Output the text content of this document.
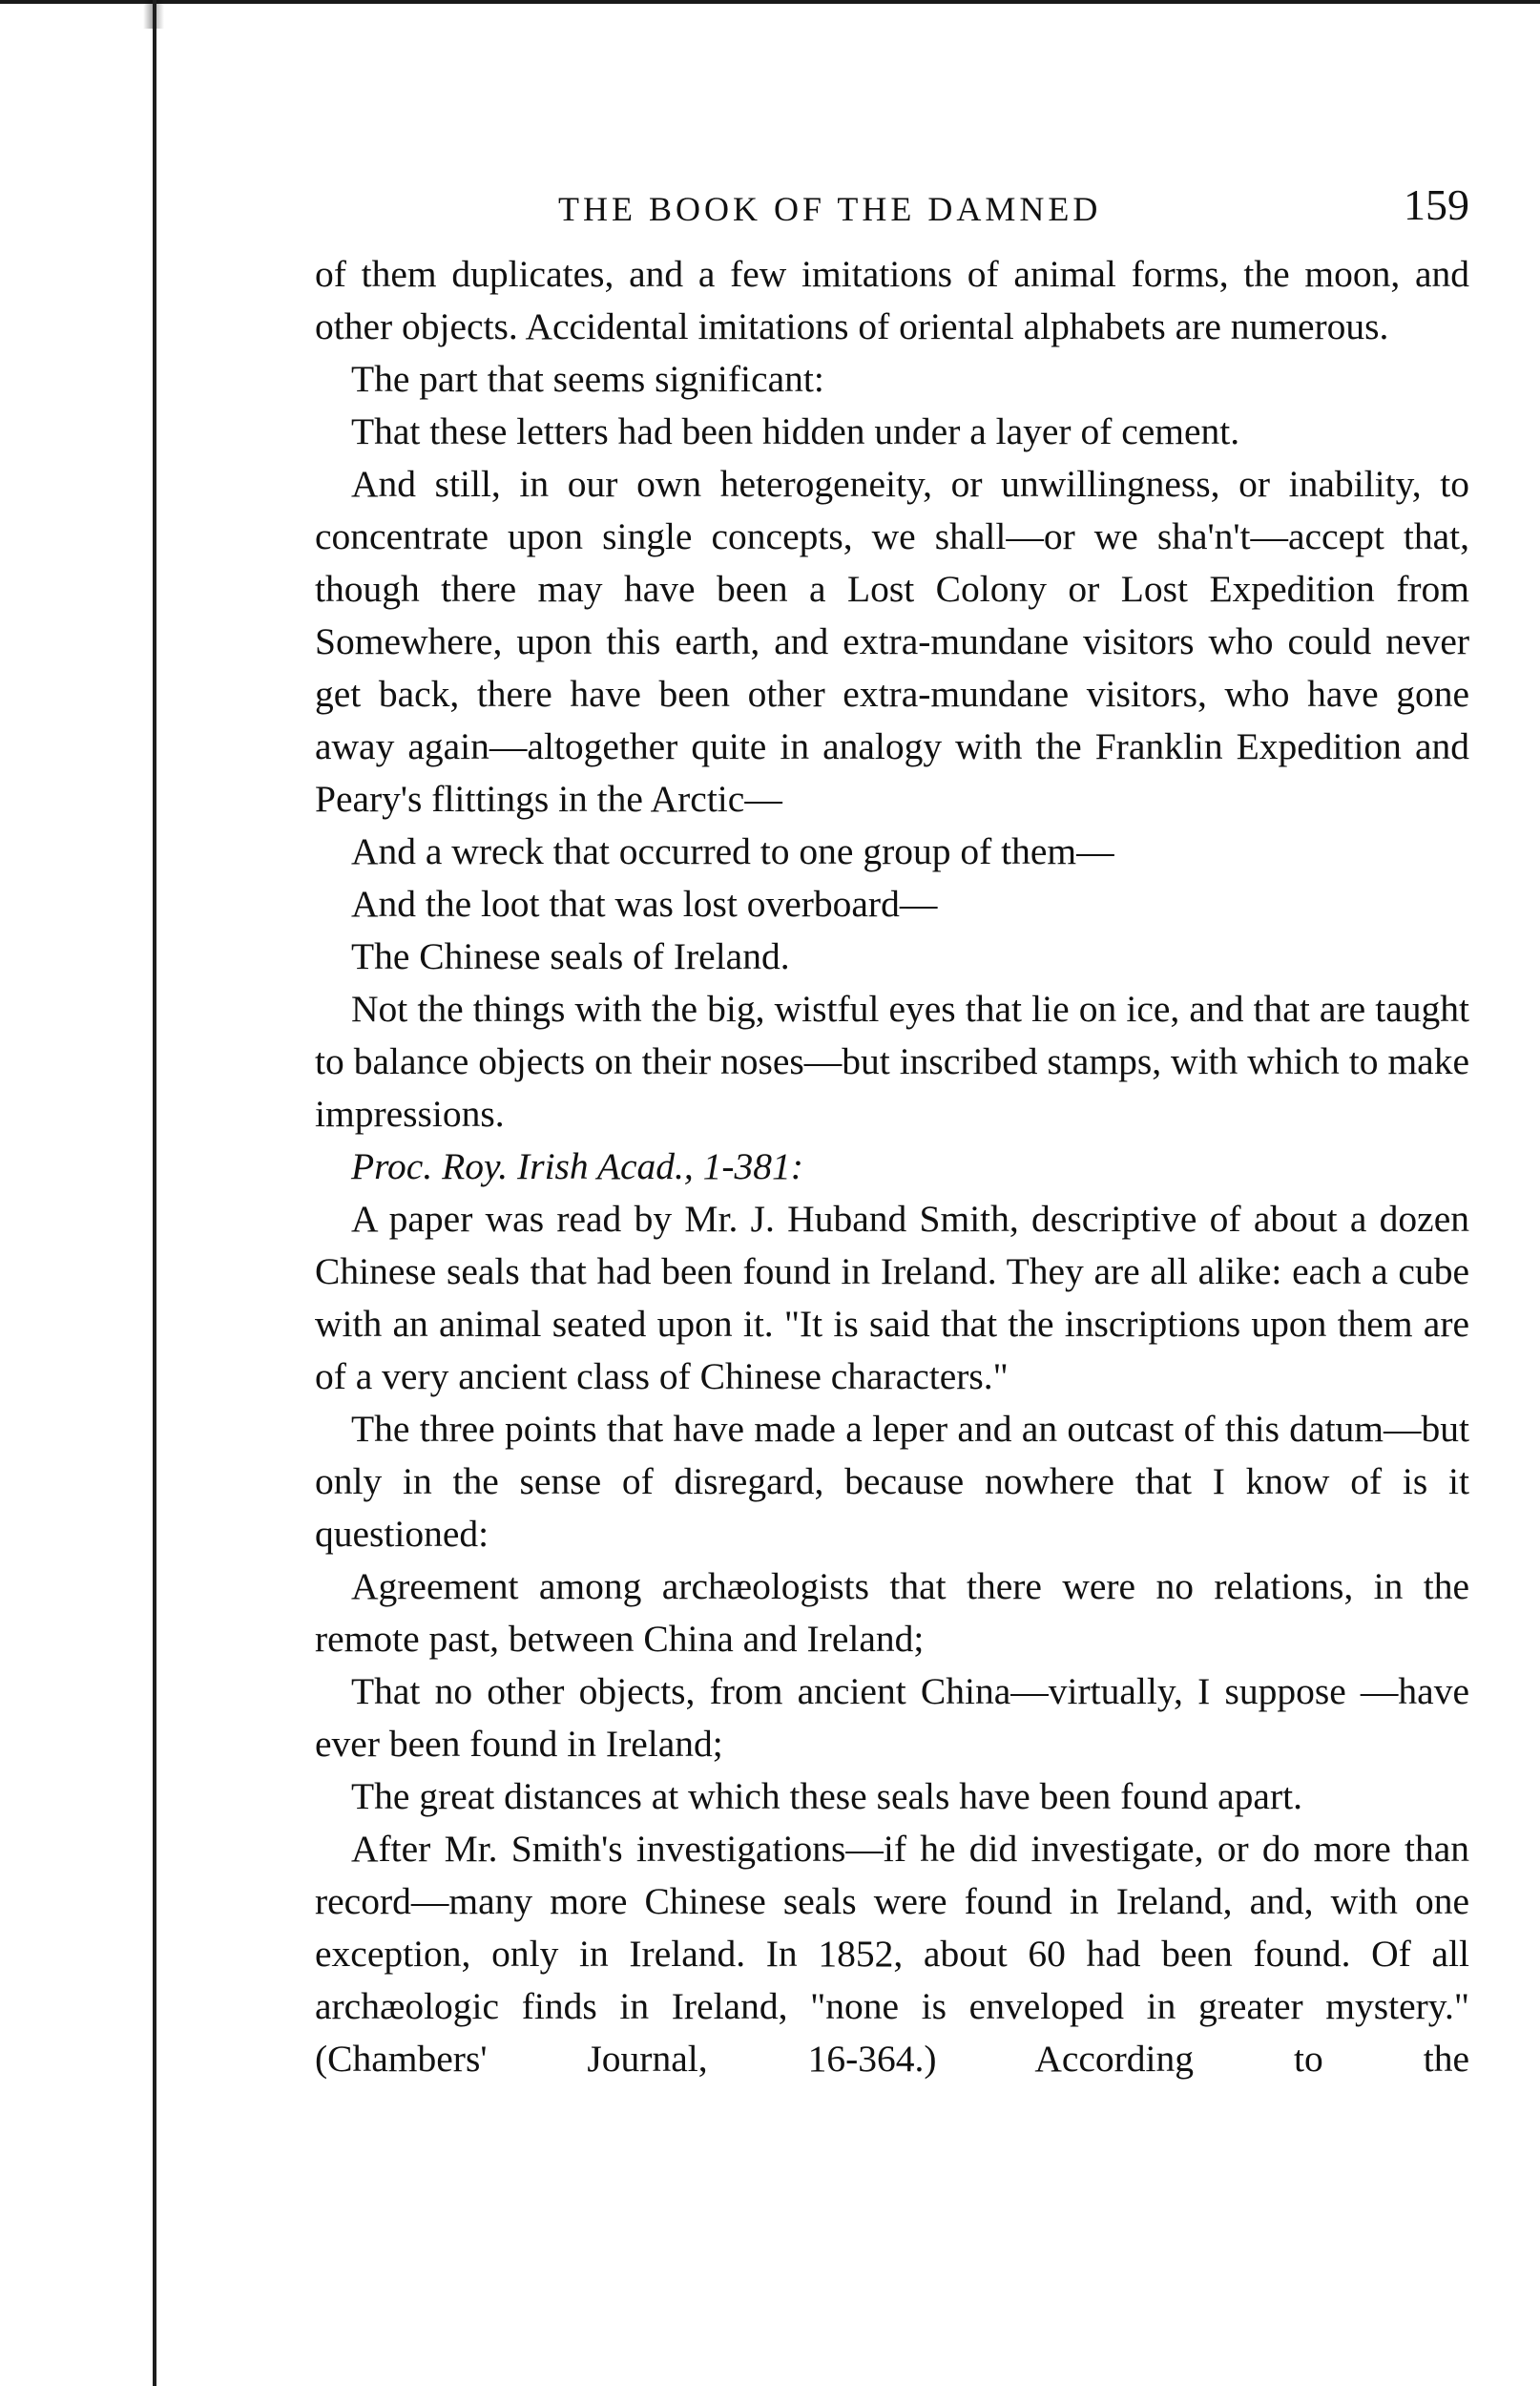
THE BOOK OF THE DAMNED	159

of them duplicates, and a few imitations of animal forms, the moon, and other objects. Accidental imitations of oriental alphabets are numerous.

The part that seems significant:

That these letters had been hidden under a layer of cement.

And still, in our own heterogeneity, or unwillingness, or inability, to concentrate upon single concepts, we shall—or we sha'n't—accept that, though there may have been a Lost Colony or Lost Expedition from Somewhere, upon this earth, and extra-mundane visitors who could never get back, there have been other extra-mundane visitors, who have gone away again—altogether quite in analogy with the Franklin Expedition and Peary's flittings in the Arctic—

And a wreck that occurred to one group of them—

And the loot that was lost overboard—

The Chinese seals of Ireland.

Not the things with the big, wistful eyes that lie on ice, and that are taught to balance objects on their noses—but inscribed stamps, with which to make impressions.

Proc. Roy. Irish Acad., 1-381:

A paper was read by Mr. J. Huband Smith, descriptive of about a dozen Chinese seals that had been found in Ireland. They are all alike: each a cube with an animal seated upon it. "It is said that the inscriptions upon them are of a very ancient class of Chinese characters."

The three points that have made a leper and an outcast of this datum—but only in the sense of disregard, because nowhere that I know of is it questioned:

Agreement among archæologists that there were no relations, in the remote past, between China and Ireland;

That no other objects, from ancient China—virtually, I suppose —have ever been found in Ireland;

The great distances at which these seals have been found apart.

After Mr. Smith's investigations—if he did investigate, or do more than record—many more Chinese seals were found in Ireland, and, with one exception, only in Ireland. In 1852, about 60 had been found. Of all archæologic finds in Ireland, "none is enveloped in greater mystery." (Chambers' Journal, 16-364.) According to the
